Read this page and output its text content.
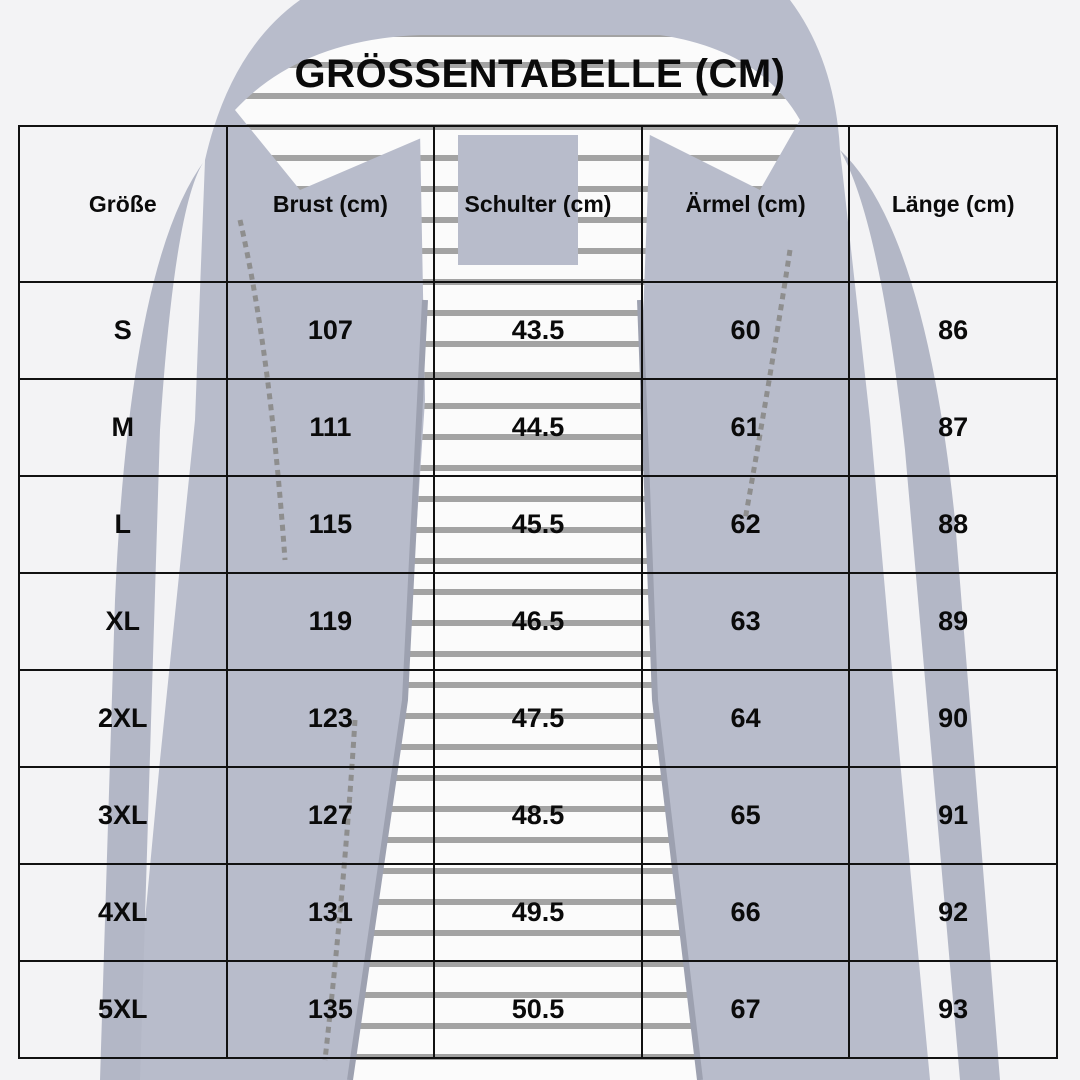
GRÖSSENTABELLE (CM)
Größe	Brust (cm)	Schulter (cm)	Ärmel (cm)	Länge (cm)
S	107	43.5	60	86
M	111	44.5	61	87
L	115	45.5	62	88
XL	119	46.5	63	89
2XL	123	47.5	64	90
3XL	127	48.5	65	91
4XL	131	49.5	66	92
5XL	135	50.5	67	93
